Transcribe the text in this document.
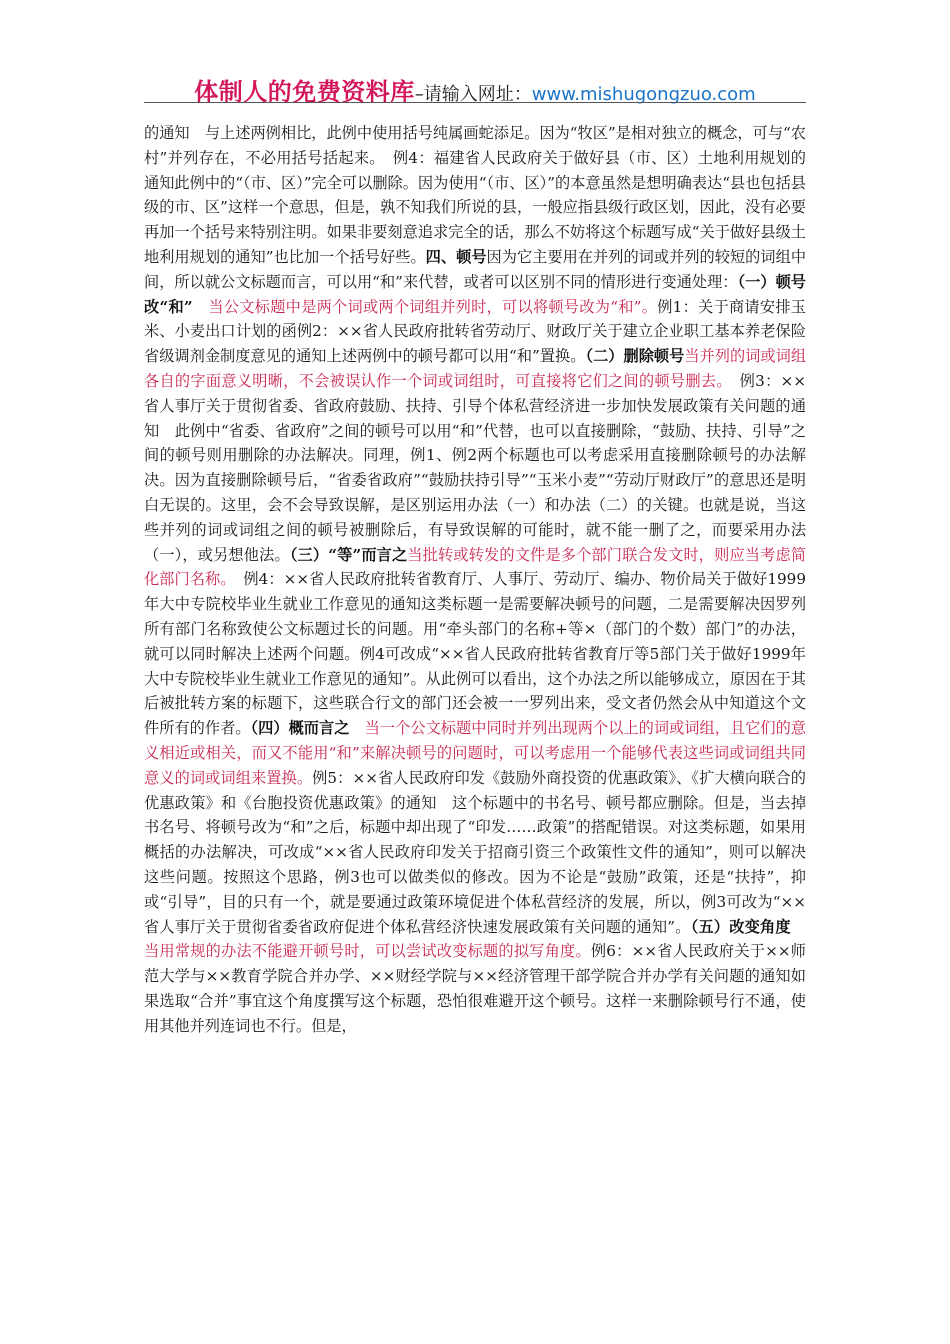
体制人的免费资料库–请输入网址：www.mishugongzuo.com
的通知　与上述两例相比，此例中使用括号纯属画蛇添足。因为“牧区”是相对独立的概念，可与“农村”并列存在，不必用括号括起来。　例4：福建省人民政府关于做好县（市、区）土地利用规划的通知此例中的“（市、区）”完全可以删除。因为使用“（市、区）”的本意虽然是想明确表达“县也包括县级的市、区”这样一个意思，但是，孰不知我们所说的县，一般应指县级行政区划，因此，没有必要再加一个括号来特别注明。如果非要刻意追求完全的话，那么不妨将这个标题写成“关于做好县级土地利用规划的通知”也比加一个括号好些。四、顿号因为它主要用在并列的词或并列的较短的词组中间，所以就公文标题而言，可以用“和”来代替，或者可以区别不同的情形进行变通处理：（一）顿号改“和”　当公文标题中是两个词或两个词组并列时，可以将顿号改为“和”。例1：关于商请安排玉米、小麦出口计划的函例2：××省人民政府批转省劳动厅、财政厅关于建立企业职工基本养老保险省级调剂金制度意见的通知上述两例中的顿号都可以用“和”置换。（二）删除顿号当并列的词或词组各自的字面意义明晰，不会被误认作一个词或词组时，可直接将它们之间的顿号删去。　例3：××省人事厅关于贯彻省委、省政府鼓励、扶持、引导个体私营经济进一步加快发展政策有关问题的通知　此例中“省委、省政府”之间的顿号可以用“和”代替，也可以直接删除，“鼓励、扶持、引导”之间的顿号则用删除的办法解决。同理，例1、例2两个标题也可以考虑采用直接删除顿号的办法解决。因为直接删除顿号后，“省委省政府”“鼓励扶持引导”“玉米小麦”“劳动厅财政厅”的意思还是明白无误的。这里，会不会导致误解，是区别运用办法（一）和办法（二）的关键。也就是说，当这些并列的词或词组之间的顿号被删除后，有导致误解的可能时，就不能一删了之，而要采用办法（一），或另想他法。（三）“等”而言之当批转或转发的文件是多个部门联合发文时，则应当考虑简化部门名称。　例4：××省人民政府批转省教育厅、人事厅、劳动厅、编办、物价局关于做好1999年大中专院校毕业生就业工作意见的通知这类标题一是需要解决顿号的问题，二是需要解决因罗列所有部门名称致使公文标题过长的问题。用“牵头部门的名称+等×（部门的个数）部门”的办法，就可以同时解决上述两个问题。例4可改成“××省人民政府批转省教育厅等5部门关于做好1999年大中专院校毕业生就业工作意见的通知”。从此例可以看出，这个办法之所以能够成立，原因在于其后被批转方案的标题下，这些联合行文的部门还会被一一罗列出来，受文者仍然会从中知道这个文件所有的作者。（四）概而言之　当一个公文标题中同时并列出现两个以上的词或词组，且它们的意义相近或相关，而又不能用“和”来解决顿号的问题时，可以考虑用一个能够代表这些词或词组共同意义的词或词组来置换。例5：××省人民政府印发《鼓励外商投资的优惠政策》、《扩大横向联合的优惠政策》和《台胞投资优惠政策》的通知　这个标题中的书名号、顿号都应删除。但是，当去掉书名号、将顿号改为“和”之后，标题中却出现了“印发……政策”的搭配错误。对这类标题，如果用概括的办法解决，可改成“××省人民政府印发关于招商引资三个政策性文件的通知”，则可以解决这些问题。按照这个思路，例3也可以做类似的修改。因为不论是“鼓励”政策，还是“扶持”，抑或“引导”，目的只有一个，就是要通过政策环境促进个体私营经济的发展，所以，例3可改为“××省人事厅关于贯彻省委省政府促进个体私营经济快速发展政策有关问题的通知”。（五）改变角度　当用常规的办法不能避开顿号时，可以尝试改变标题的拟写角度。例6：××省人民政府关于××师范大学与××教育学院合并办学、××财经学院与××经济管理干部学院合并办学有关问题的通知如果选取“合并”事宜这个角度撰写这个标题，恐怕很难避开这个顿号。这样一来删除顿号行不通，使用其他并列连词也不行。但是，
